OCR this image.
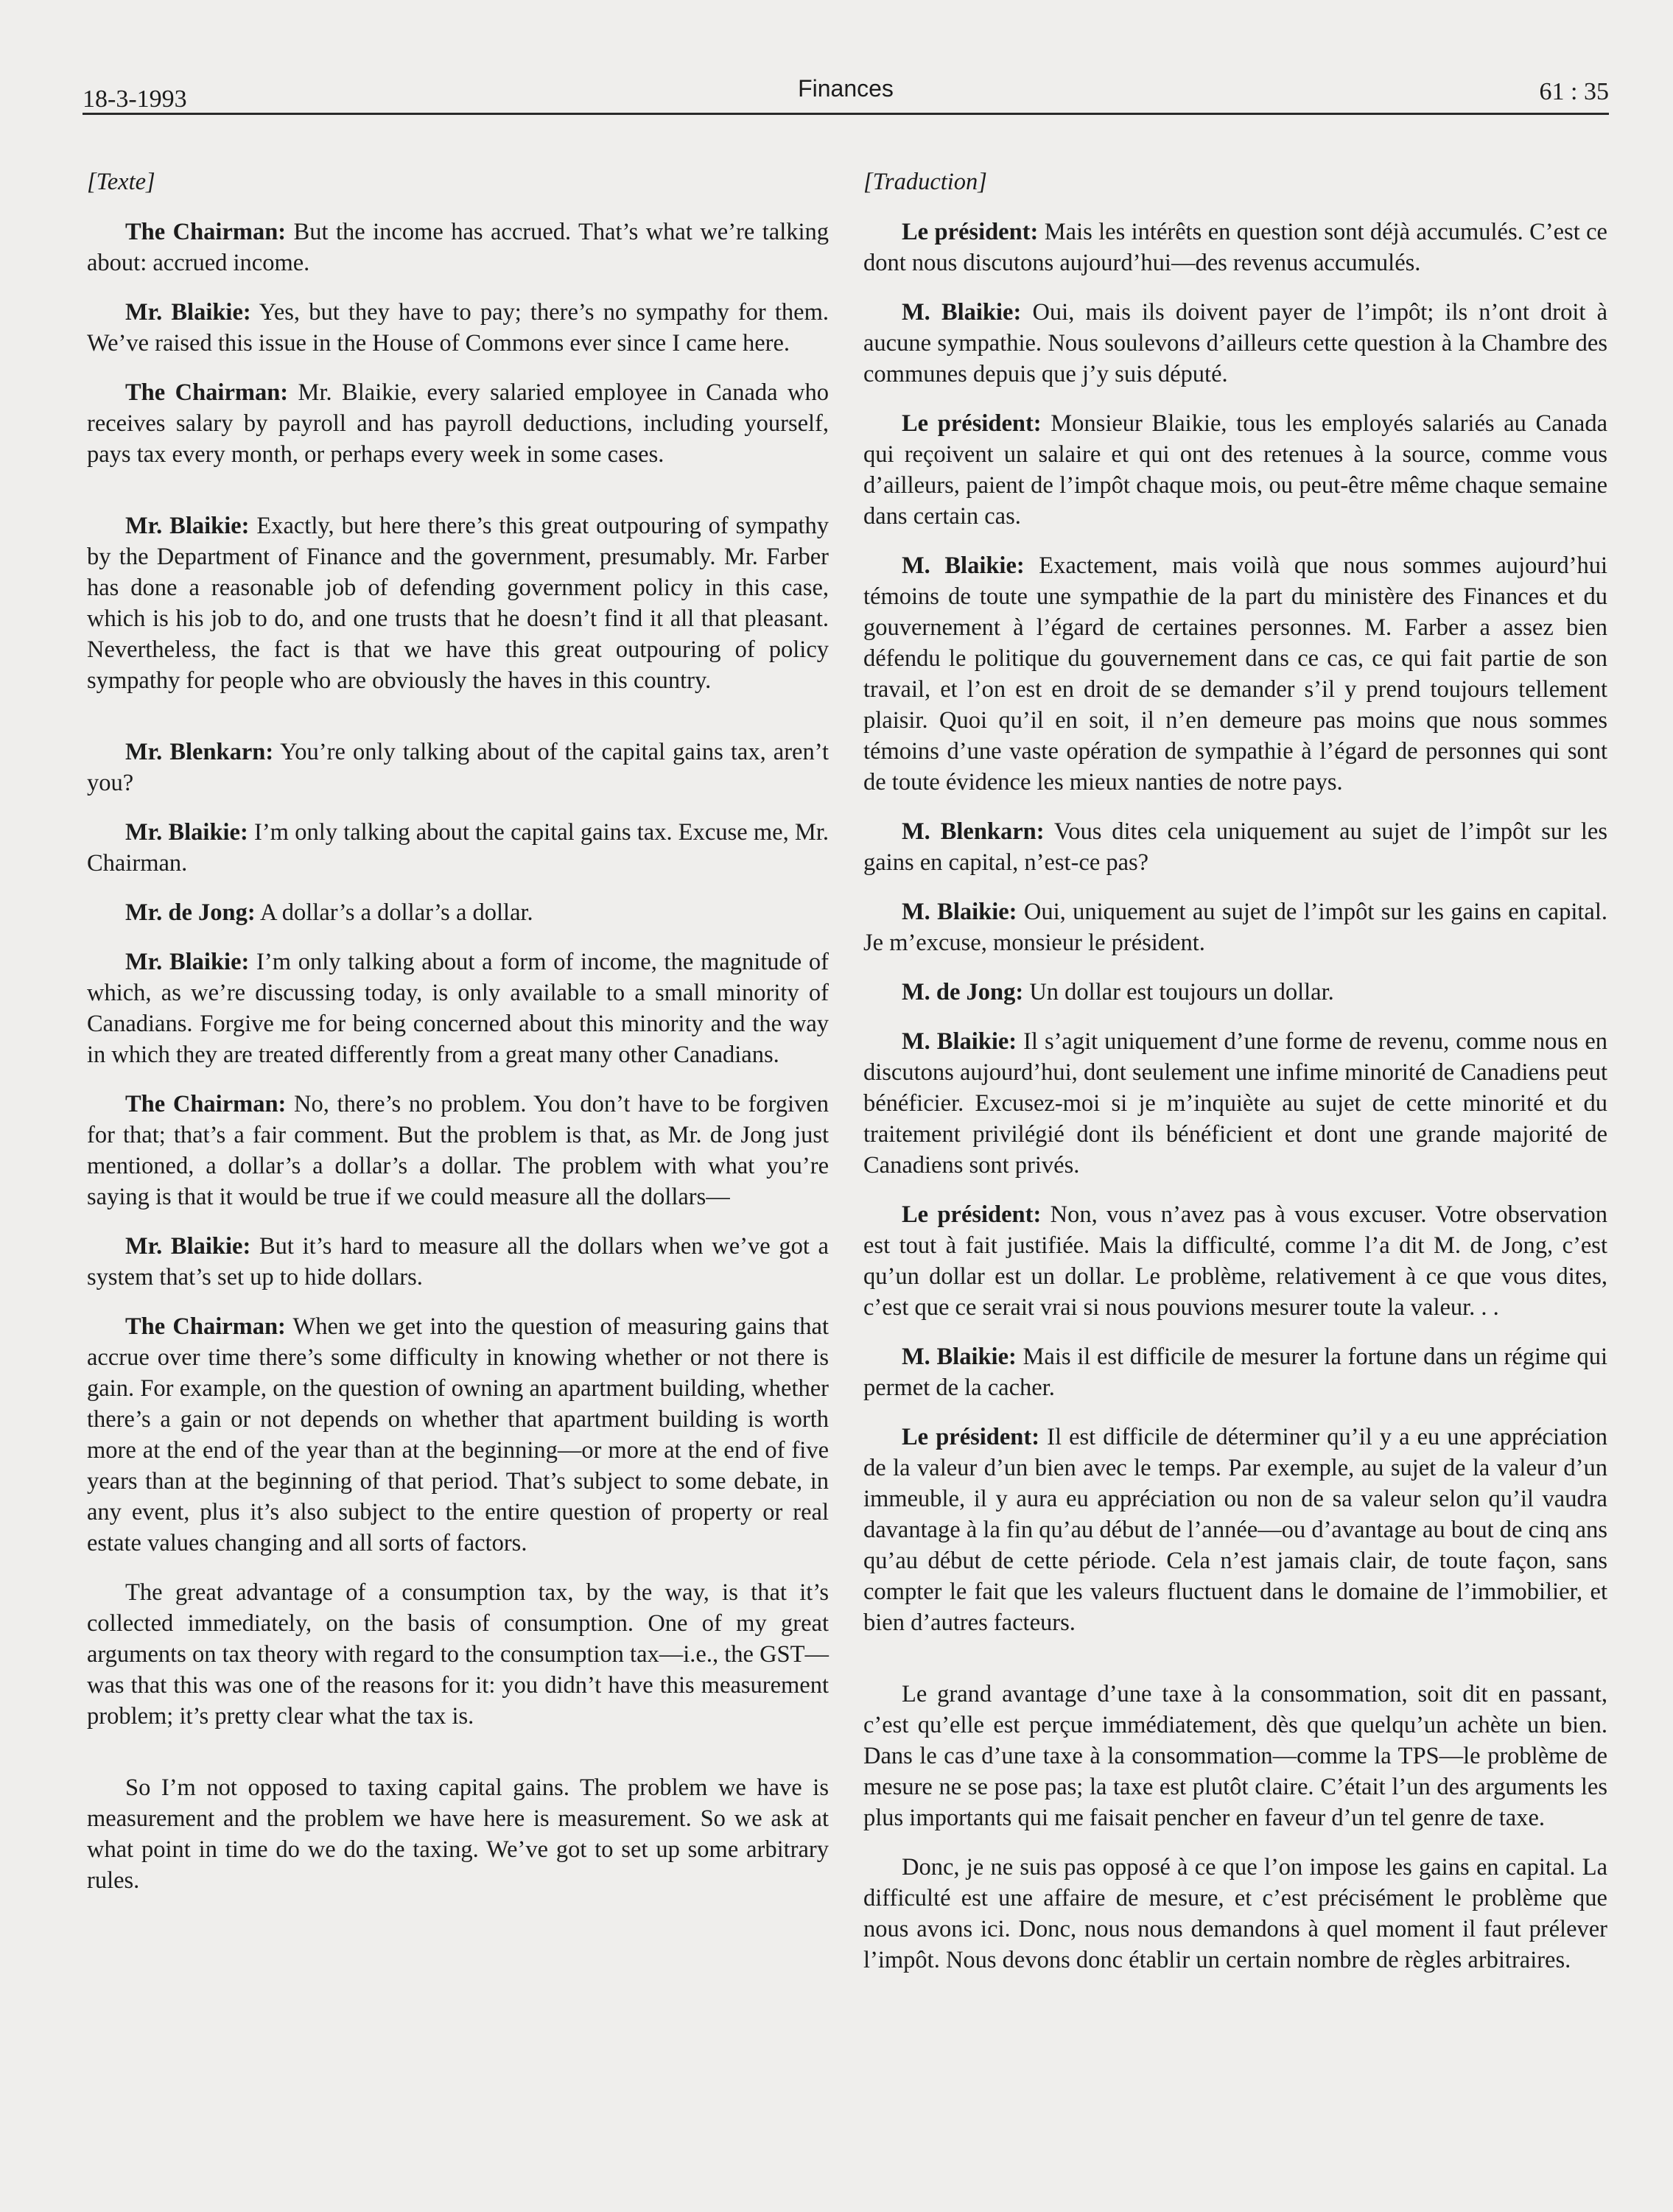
18-3-1993	Finances	61 : 35

[Texte]

The Chairman: But the income has accrued. That’s what we’re talking about: accrued income.

Mr. Blaikie: Yes, but they have to pay; there’s no sympathy for them. We’ve raised this issue in the House of Commons ever since I came here.

The Chairman: Mr. Blaikie, every salaried employee in Canada who receives salary by payroll and has payroll deductions, including yourself, pays tax every month, or perhaps every week in some cases.

Mr. Blaikie: Exactly, but here there’s this great outpouring of sympathy by the Department of Finance and the government, presumably. Mr. Farber has done a reasonable job of defending government policy in this case, which is his job to do, and one trusts that he doesn’t find it all that pleasant. Nevertheless, the fact is that we have this great outpouring of policy sympathy for people who are obviously the haves in this country.

Mr. Blenkarn: You’re only talking about of the capital gains tax, aren’t you?

Mr. Blaikie: I’m only talking about the capital gains tax. Excuse me, Mr. Chairman.

Mr. de Jong: A dollar’s a dollar’s a dollar.

Mr. Blaikie: I’m only talking about a form of income, the magnitude of which, as we’re discussing today, is only available to a small minority of Canadians. Forgive me for being concerned about this minority and the way in which they are treated differently from a great many other Canadians.

The Chairman: No, there’s no problem. You don’t have to be forgiven for that; that’s a fair comment. But the problem is that, as Mr. de Jong just mentioned, a dollar’s a dollar’s a dollar. The problem with what you’re saying is that it would be true if we could measure all the dollars—

Mr. Blaikie: But it’s hard to measure all the dollars when we’ve got a system that’s set up to hide dollars.

The Chairman: When we get into the question of measuring gains that accrue over time there’s some difficulty in knowing whether or not there is gain. For example, on the question of owning an apartment building, whether there’s a gain or not depends on whether that apartment building is worth more at the end of the year than at the beginning—or more at the end of five years than at the beginning of that period. That’s subject to some debate, in any event, plus it’s also subject to the entire question of property or real estate values changing and all sorts of factors.

The great advantage of a consumption tax, by the way, is that it’s collected immediately, on the basis of consumption. One of my great arguments on tax theory with regard to the consumption tax—i.e., the GST—was that this was one of the reasons for it: you didn’t have this measurement problem; it’s pretty clear what the tax is.

So I’m not opposed to taxing capital gains. The problem we have is measurement and the problem we have here is measurement. So we ask at what point in time do we do the taxing. We’ve got to set up some arbitrary rules.

[Traduction]

Le président: Mais les intérêts en question sont déjà accumulés. C’est ce dont nous discutons aujourd’hui—des revenus accumulés.

M. Blaikie: Oui, mais ils doivent payer de l’impôt; ils n’ont droit à aucune sympathie. Nous soulevons d’ailleurs cette question à la Chambre des communes depuis que j’y suis député.

Le président: Monsieur Blaikie, tous les employés salariés au Canada qui reçoivent un salaire et qui ont des retenues à la source, comme vous d’ailleurs, paient de l’impôt chaque mois, ou peut-être même chaque semaine dans certain cas.

M. Blaikie: Exactement, mais voilà que nous sommes aujourd’hui témoins de toute une sympathie de la part du ministère des Finances et du gouvernement à l’égard de certaines personnes. M. Farber a assez bien défendu le politique du gouvernement dans ce cas, ce qui fait partie de son travail, et l’on est en droit de se demander s’il y prend toujours tellement plaisir. Quoi qu’il en soit, il n’en demeure pas moins que nous sommes témoins d’une vaste opération de sympathie à l’égard de personnes qui sont de toute évidence les mieux nanties de notre pays.

M. Blenkarn: Vous dites cela uniquement au sujet de l’impôt sur les gains en capital, n’est-ce pas?

M. Blaikie: Oui, uniquement au sujet de l’impôt sur les gains en capital. Je m’excuse, monsieur le président.

M. de Jong: Un dollar est toujours un dollar.

M. Blaikie: Il s’agit uniquement d’une forme de revenu, comme nous en discutons aujourd’hui, dont seulement une infime minorité de Canadiens peut bénéficier. Excusez-moi si je m’inquiète au sujet de cette minorité et du traitement privilégié dont ils bénéficient et dont une grande majorité de Canadiens sont privés.

Le président: Non, vous n’avez pas à vous excuser. Votre observation est tout à fait justifiée. Mais la difficulté, comme l’a dit M. de Jong, c’est qu’un dollar est un dollar. Le problème, relativement à ce que vous dites, c’est que ce serait vrai si nous pouvions mesurer toute la valeur. . .

M. Blaikie: Mais il est difficile de mesurer la fortune dans un régime qui permet de la cacher.

Le président: Il est difficile de déterminer qu’il y a eu une appréciation de la valeur d’un bien avec le temps. Par exemple, au sujet de la valeur d’un immeuble, il y aura eu appréciation ou non de sa valeur selon qu’il vaudra davantage à la fin qu’au début de l’année—ou d’avantage au bout de cinq ans qu’au début de cette période. Cela n’est jamais clair, de toute façon, sans compter le fait que les valeurs fluctuent dans le domaine de l’immobilier, et bien d’autres facteurs.

Le grand avantage d’une taxe à la consommation, soit dit en passant, c’est qu’elle est perçue immédiatement, dès que quelqu’un achète un bien. Dans le cas d’une taxe à la consommation—comme la TPS—le problème de mesure ne se pose pas; la taxe est plutôt claire. C’était l’un des arguments les plus importants qui me faisait pencher en faveur d’un tel genre de taxe.

Donc, je ne suis pas opposé à ce que l’on impose les gains en capital. La difficulté est une affaire de mesure, et c’est précisément le problème que nous avons ici. Donc, nous nous demandons à quel moment il faut prélever l’impôt. Nous devons donc établir un certain nombre de règles arbitraires.
